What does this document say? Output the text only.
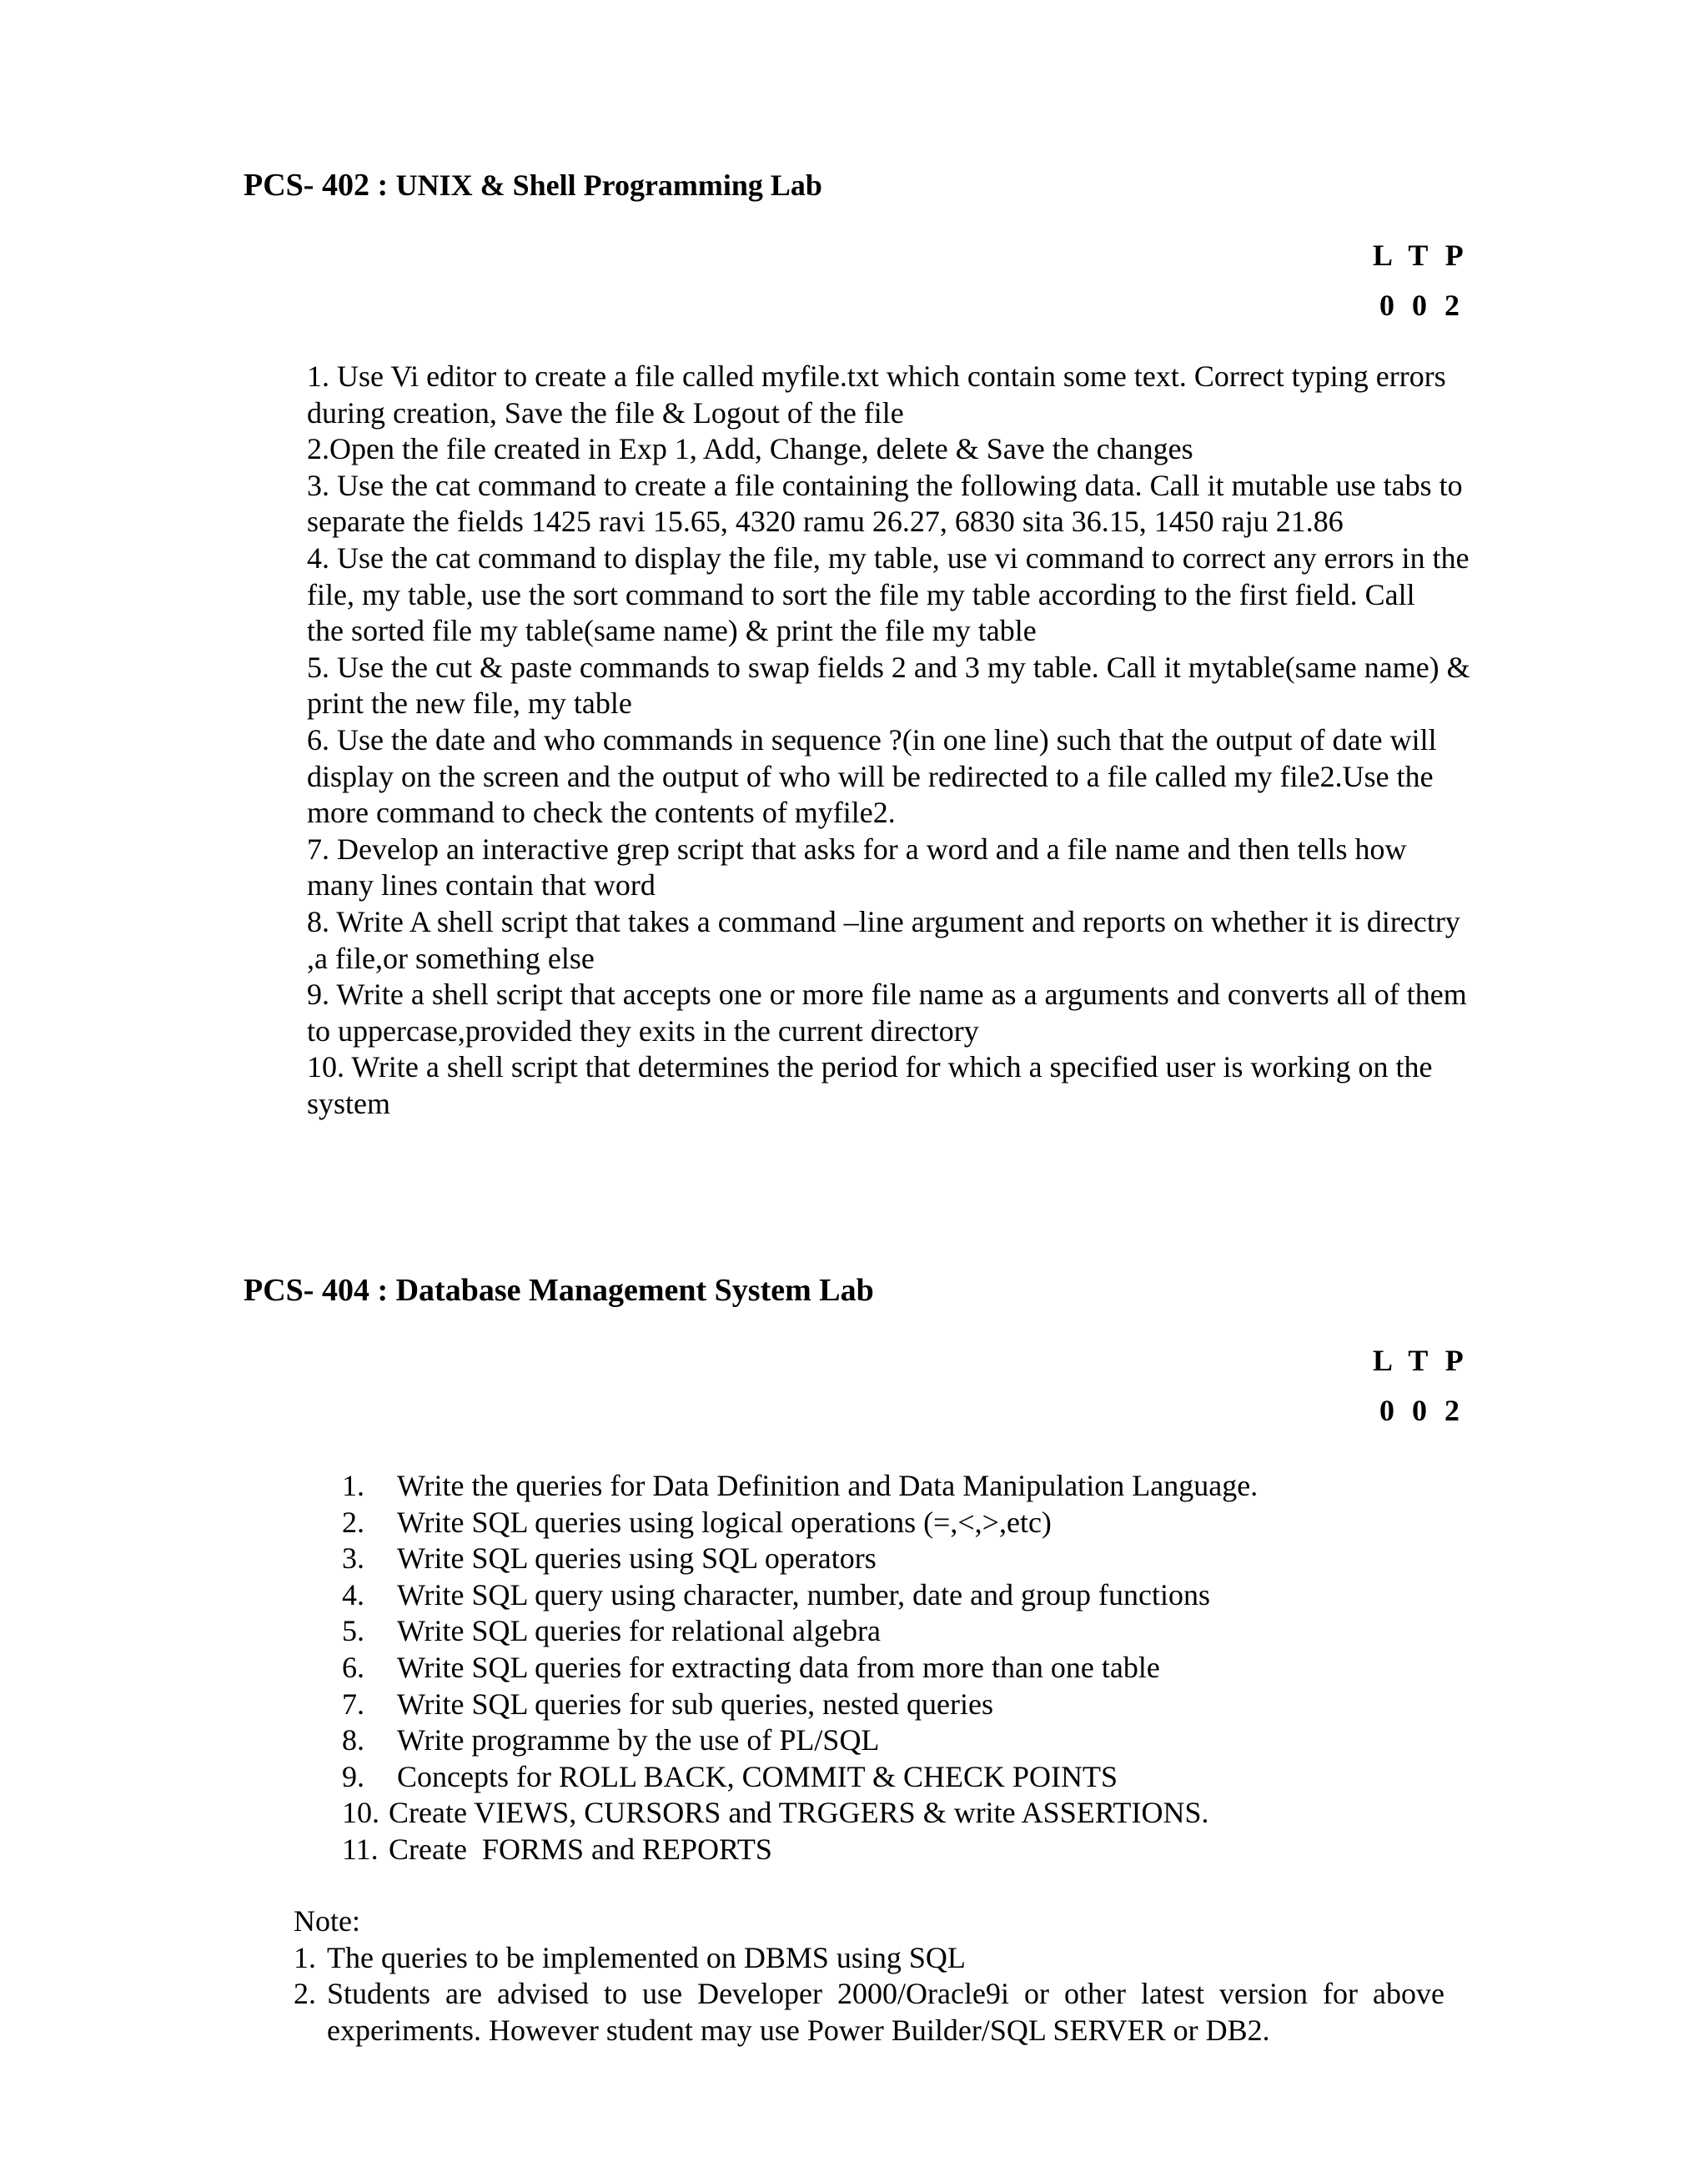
PCS- 402 : UNIX & Shell Programming Lab
L T P
0 0 2

1. Use Vi editor to create a file called myfile.txt which contain some text. Correct typing errors during creation, Save the file & Logout of the file

2.Open the file created in Exp 1, Add, Change, delete & Save the changes

3. Use the cat command to create a file containing the following data. Call it mutable use tabs to separate the fields 1425 ravi 15.65, 4320 ramu 26.27, 6830 sita 36.15, 1450 raju 21.86

4. Use the cat command to display the file, my table, use vi command to correct any errors in the file, my table, use the sort command to sort the file my table according to the first field. Call

the sorted file my table(same name) & print the file my table

5. Use the cut & paste commands to swap fields 2 and 3 my table. Call it mytable(same name) & print the new file, my table

6. Use the date and who commands in sequence ?(in one line) such that the output of date will display on the screen and the output of who will be redirected to a file called my file2.Use the more command to check the contents of myfile2.

7. Develop an interactive grep script that asks for a word and a file name and then tells how many lines contain that word

8. Write A shell script that takes a command –line argument and reports on whether it is directry ,a file,or something else

9. Write a shell script that accepts one or more file name as a arguments and converts all of them to uppercase,provided they exits in the current directory

10. Write a shell script that determines the period for which a specified user is working on the system

PCS- 404 : Database Management System Lab
L T P
0 0 2
1.	Write the queries for Data Definition and Data Manipulation Language.
2.	Write SQL queries using logical operations (=,<,>,etc)
3.	Write SQL queries using SQL operators
4.	Write SQL query using character, number, date and group functions
5.	Write SQL queries for relational algebra
6.	Write SQL queries for extracting data from more than one table
7.	Write SQL queries for sub queries, nested queries
8.	Write programme by the use of PL/SQL
9.	Concepts for ROLL BACK, COMMIT & CHECK POINTS
10. Create VIEWS, CURSORS and TRGGERS & write ASSERTIONS.
11. Create  FORMS and REPORTS

Note:

1. The queries to be implemented on DBMS using SQL
2. Students are advised to use Developer 2000/Oracle9i or other latest version for above experiments. However student may use Power Builder/SQL SERVER or DB2.
